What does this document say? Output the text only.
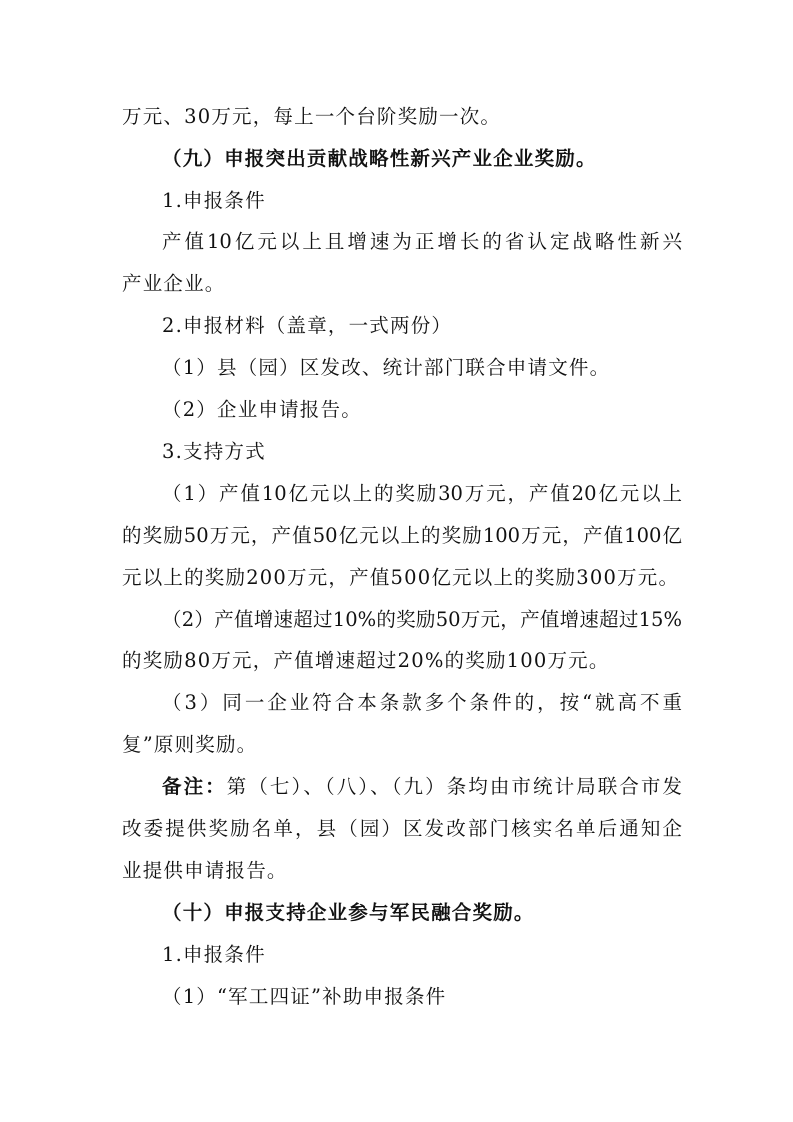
万元、30万元，每上一个台阶奖励一次。
（九）申报突出贡献战略性新兴产业企业奖励。
1.申报条件
产值10亿元以上且增速为正增长的省认定战略性新兴
产业企业。
2.申报材料（盖章，一式两份）
（1）县（园）区发改、统计部门联合申请文件。
（2）企业申请报告。
3.支持方式
（1）产值10亿元以上的奖励30万元，产值20亿元以上
的奖励50万元，产值50亿元以上的奖励100万元，产值100亿
元以上的奖励200万元，产值500亿元以上的奖励300万元。
（2）产值增速超过10%的奖励50万元，产值增速超过15%
的奖励80万元，产值增速超过20%的奖励100万元。
（3）同一企业符合本条款多个条件的，按“就高不重
复”原则奖励。
备注：第（七）、（八）、（九）条均由市统计局联合市发
改委提供奖励名单，县（园）区发改部门核实名单后通知企
业提供申请报告。
（十）申报支持企业参与军民融合奖励。
1.申报条件
（1）“军工四证”补助申报条件
